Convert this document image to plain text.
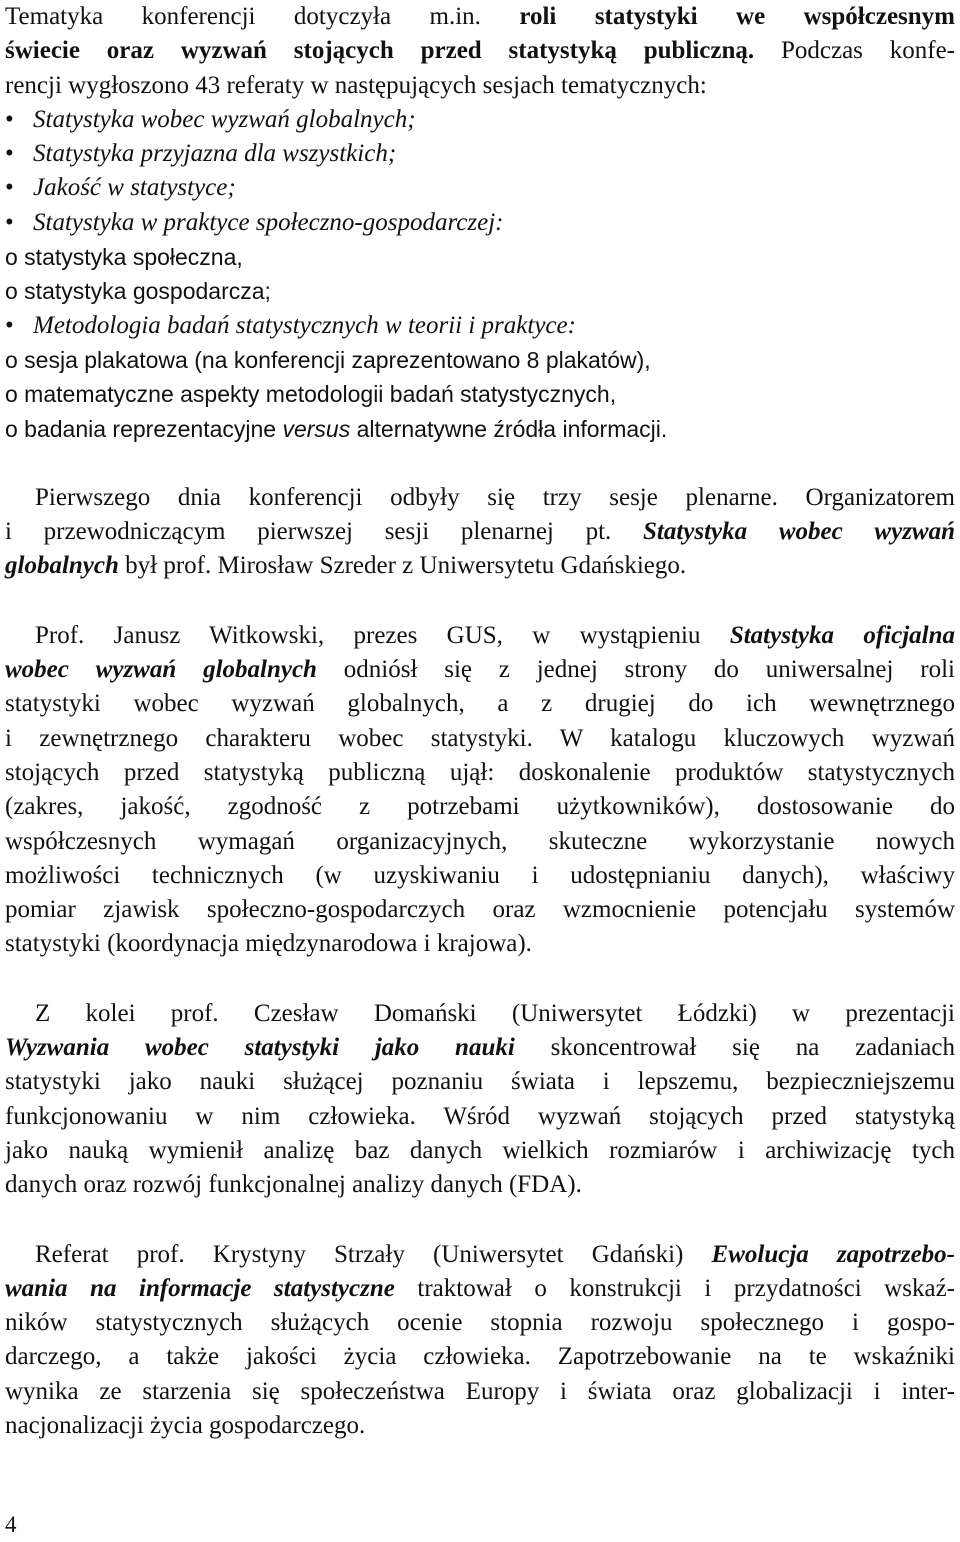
Tematyka konferencji dotyczyła m.in. roli statystyki we współczesnym
świecie oraz wyzwań stojących przed statystyką publiczną. Podczas konfe-
rencji wygłoszono 43 referaty w następujących sesjach tematycznych:
• Statystyka wobec wyzwań globalnych;
• Statystyka przyjazna dla wszystkich;
• Jakość w statystyce;
• Statystyka w praktyce społeczno-gospodarczej:
o statystyka społeczna,
o statystyka gospodarcza;
• Metodologia badań statystycznych w teorii i praktyce:
o sesja plakatowa (na konferencji zaprezentowano 8 plakatów),
o matematyczne aspekty metodologii badań statystycznych,
o badania reprezentacyjne versus alternatywne źródła informacji.
Pierwszego dnia konferencji odbyły się trzy sesje plenarne. Organizatorem
i przewodniczącym pierwszej sesji plenarnej pt. Statystyka wobec wyzwań
globalnych był prof. Mirosław Szreder z Uniwersytetu Gdańskiego.
Prof. Janusz Witkowski, prezes GUS, w wystąpieniu Statystyka oficjalna
wobec wyzwań globalnych odniósł się z jednej strony do uniwersalnej roli
statystyki wobec wyzwań globalnych, a z drugiej do ich wewnętrznego
i zewnętrznego charakteru wobec statystyki. W katalogu kluczowych wyzwań
stojących przed statystyką publiczną ujął: doskonalenie produktów statystycznych
(zakres, jakość, zgodność z potrzebami użytkowników), dostosowanie do
współczesnych wymagań organizacyjnych, skuteczne wykorzystanie nowych
możliwości technicznych (w uzyskiwaniu i udostępnianiu danych), właściwy
pomiar zjawisk społeczno-gospodarczych oraz wzmocnienie potencjału systemów
statystyki (koordynacja międzynarodowa i krajowa).
Z kolei prof. Czesław Domański (Uniwersytet Łódzki) w prezentacji
Wyzwania wobec statystyki jako nauki skoncentrował się na zadaniach
statystyki jako nauki służącej poznaniu świata i lepszemu, bezpieczniejszemu
funkcjonowaniu w nim człowieka. Wśród wyzwań stojących przed statystyką
jako nauką wymienił analizę baz danych wielkich rozmiarów i archiwizację tych
danych oraz rozwój funkcjonalnej analizy danych (FDA).
Referat prof. Krystyny Strzały (Uniwersytet Gdański) Ewolucja zapotrzebo-
wania na informacje statystyczne traktował o konstrukcji i przydatności wskaź-
ników statystycznych służących ocenie stopnia rozwoju społecznego i gospo-
darczego, a także jakości życia człowieka. Zapotrzebowanie na te wskaźniki
wynika ze starzenia się społeczeństwa Europy i świata oraz globalizacji i inter-
nacjonalizacji życia gospodarczego.
4
